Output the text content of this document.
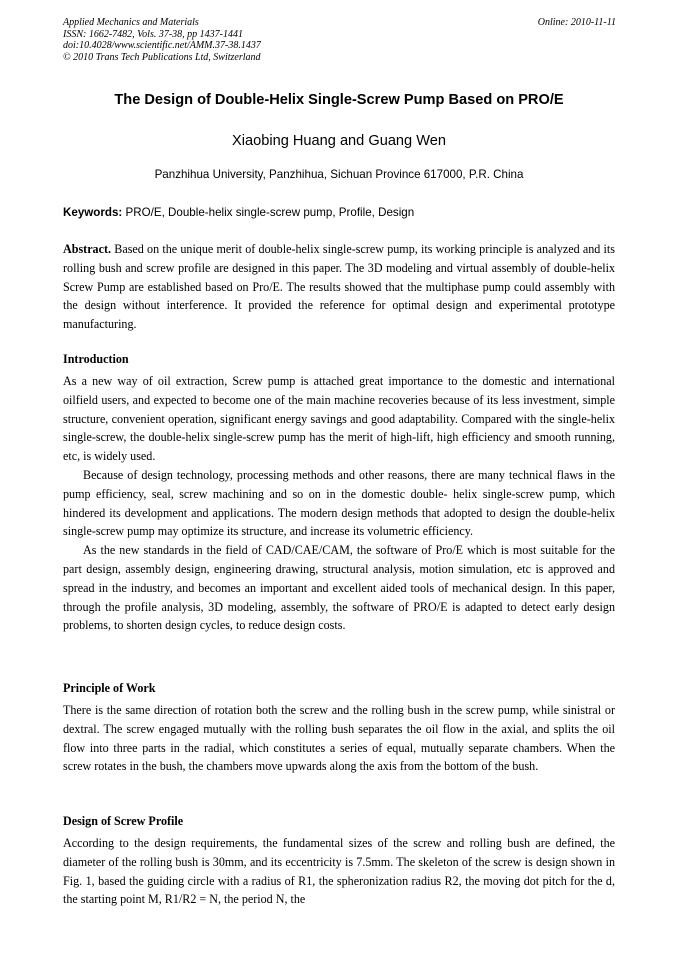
Applied Mechanics and Materials
ISSN: 1662-7482, Vols. 37-38, pp 1437-1441
doi:10.4028/www.scientific.net/AMM.37-38.1437
© 2010 Trans Tech Publications Ltd, Switzerland
Online: 2010-11-11
The Design of Double-Helix Single-Screw Pump Based on PRO/E
Xiaobing Huang and Guang Wen
Panzhihua University, Panzhihua, Sichuan Province 617000, P.R. China
Keywords: PRO/E, Double-helix single-screw pump, Profile, Design

Abstract. Based on the unique merit of double-helix single-screw pump, its working principle is analyzed and its rolling bush and screw profile are designed in this paper. The 3D modeling and virtual assembly of double-helix Screw Pump are established based on Pro/E. The results showed that the multiphase pump could assembly with the design without interference. It provided the reference for optimal design and experimental prototype manufacturing.

Introduction

As a new way of oil extraction, Screw pump is attached great importance to the domestic and international oilfield users, and expected to become one of the main machine recoveries because of its less investment, simple structure, convenient operation, significant energy savings and good adaptability. Compared with the single-helix single-screw, the double-helix single-screw pump has the merit of high-lift, high efficiency and smooth running, etc, is widely used.

Because of design technology, processing methods and other reasons, there are many technical flaws in the pump efficiency, seal, screw machining and so on in the domestic double- helix single-screw pump, which hindered its development and applications. The modern design methods that adopted to design the double-helix single-screw pump may optimize its structure, and increase its volumetric efficiency.

As the new standards in the field of CAD/CAE/CAM, the software of Pro/E which is most suitable for the part design, assembly design, engineering drawing, structural analysis, motion simulation, etc is approved and spread in the industry, and becomes an important and excellent aided tools of mechanical design. In this paper, through the profile analysis, 3D modeling, assembly, the software of PRO/E is adapted to detect early design problems, to shorten design cycles, to reduce design costs.

Principle of Work

There is the same direction of rotation both the screw and the rolling bush in the screw pump, while sinistral or dextral. The screw engaged mutually with the rolling bush separates the oil flow in the axial, and splits the oil flow into three parts in the radial, which constitutes a series of equal, mutually separate chambers. When the screw rotates in the bush, the chambers move upwards along the axis from the bottom of the bush.

Design of Screw Profile

According to the design requirements, the fundamental sizes of the screw and rolling bush are defined, the diameter of the rolling bush is 30mm, and its eccentricity is 7.5mm. The skeleton of the screw is design shown in Fig. 1, based the guiding circle with a radius of R1, the spheronization radius R2, the moving dot pitch for the d, the starting point M, R1/R2 = N, the period N, the
